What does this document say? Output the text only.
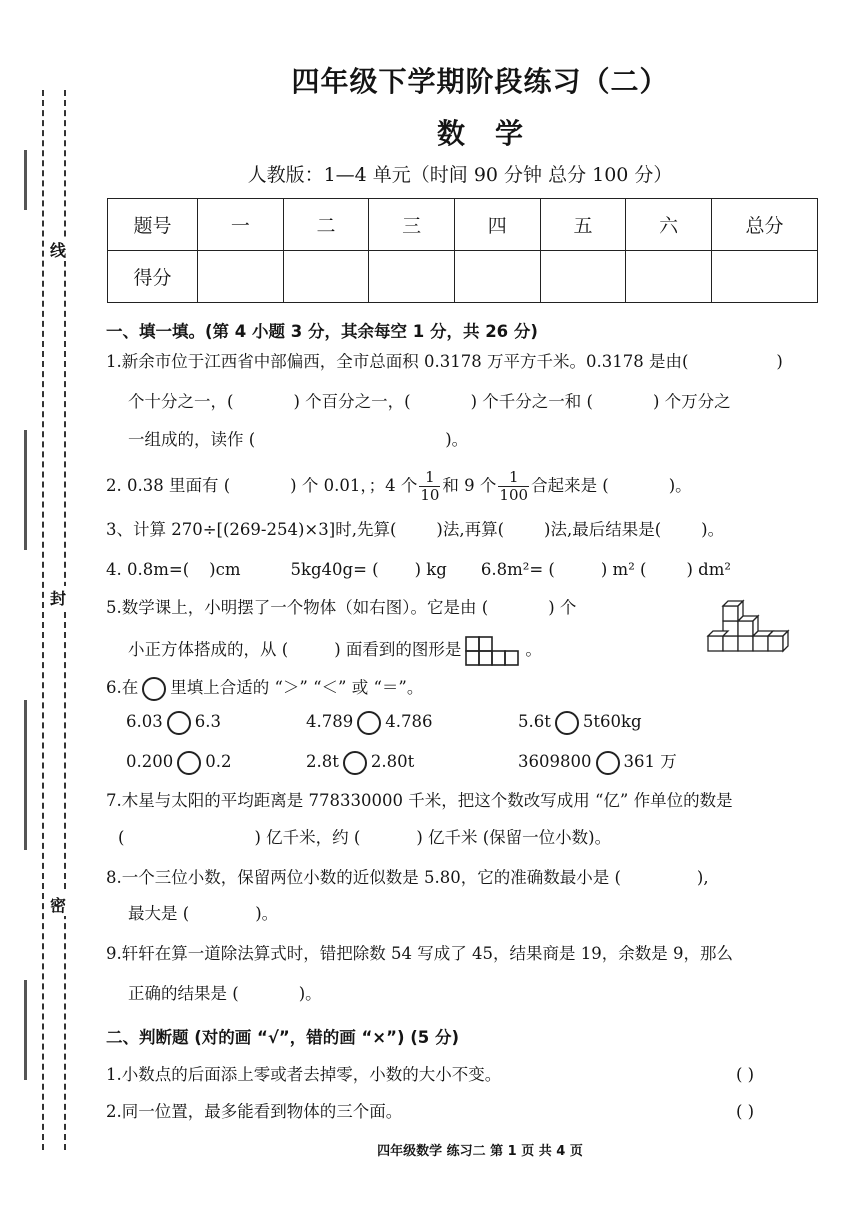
线
封
密
四年级下学期阶段练习（二）
数学
人教版：1—4 单元（时间 90 分钟 总分 100 分）
题号	一	二	三	四	五	六	总分
得分							
一、填一填。(第 4 小题 3 分，其余每空 1 分，共 26 分)
1.新余市位于江西省中部偏西，全市总面积 0.3178 万平方千米。0.3178 是由(	)
个十分之一，(	) 个百分之一，(	) 个千分之一和 (	) 个万分之
一组成的，读作 (	)。
2. 0.38 里面有 (	) 个 0.01，；4 个 $\frac{1}{10}$ 和 9 个 $\frac{1}{100}$ 合起来是 (	)。
3、计算 270÷[(269-254)×3]时,先算( )法,再算( )法,最后结果是( )。
4. 0.8m=( )cm	5kg40g= ( ) kg 6.8m²= (	) m² ( ) dm²
5.数学课上，小明摆了一个物体（如右图）。它是由 (	) 个
小正方体搭成的，从 (	) 面看到的图形是	。
6.在 里填上合适的 “＞” “＜” 或 “＝”。
6.03 6.3	4.789 4.786	5.6t 5t60kg
0.200 0.2	2.8t 2.80t	3609800 361 万
7.木星与太阳的平均距离是 778330000 千米，把这个数改写成用 “亿” 作单位的数是
(	) 亿千米，约 (	) 亿千米 (保留一位小数)。
8.一个三位小数，保留两位小数的近似数是 5.80，它的准确数最小是 (	),
最大是 (	)。
9.轩轩在算一道除法算式时，错把除数 54 写成了 45，结果商是 19，余数是 9，那么
正确的结果是 (	)。
二、判断题 (对的画 “√”，错的画 “×”) (5 分)
1.小数点的后面添上零或者去掉零，小数的大小不变。	( )
2.同一位置，最多能看到物体的三个面。	( )
四年级数学 练习二 第 1 页 共 4 页
